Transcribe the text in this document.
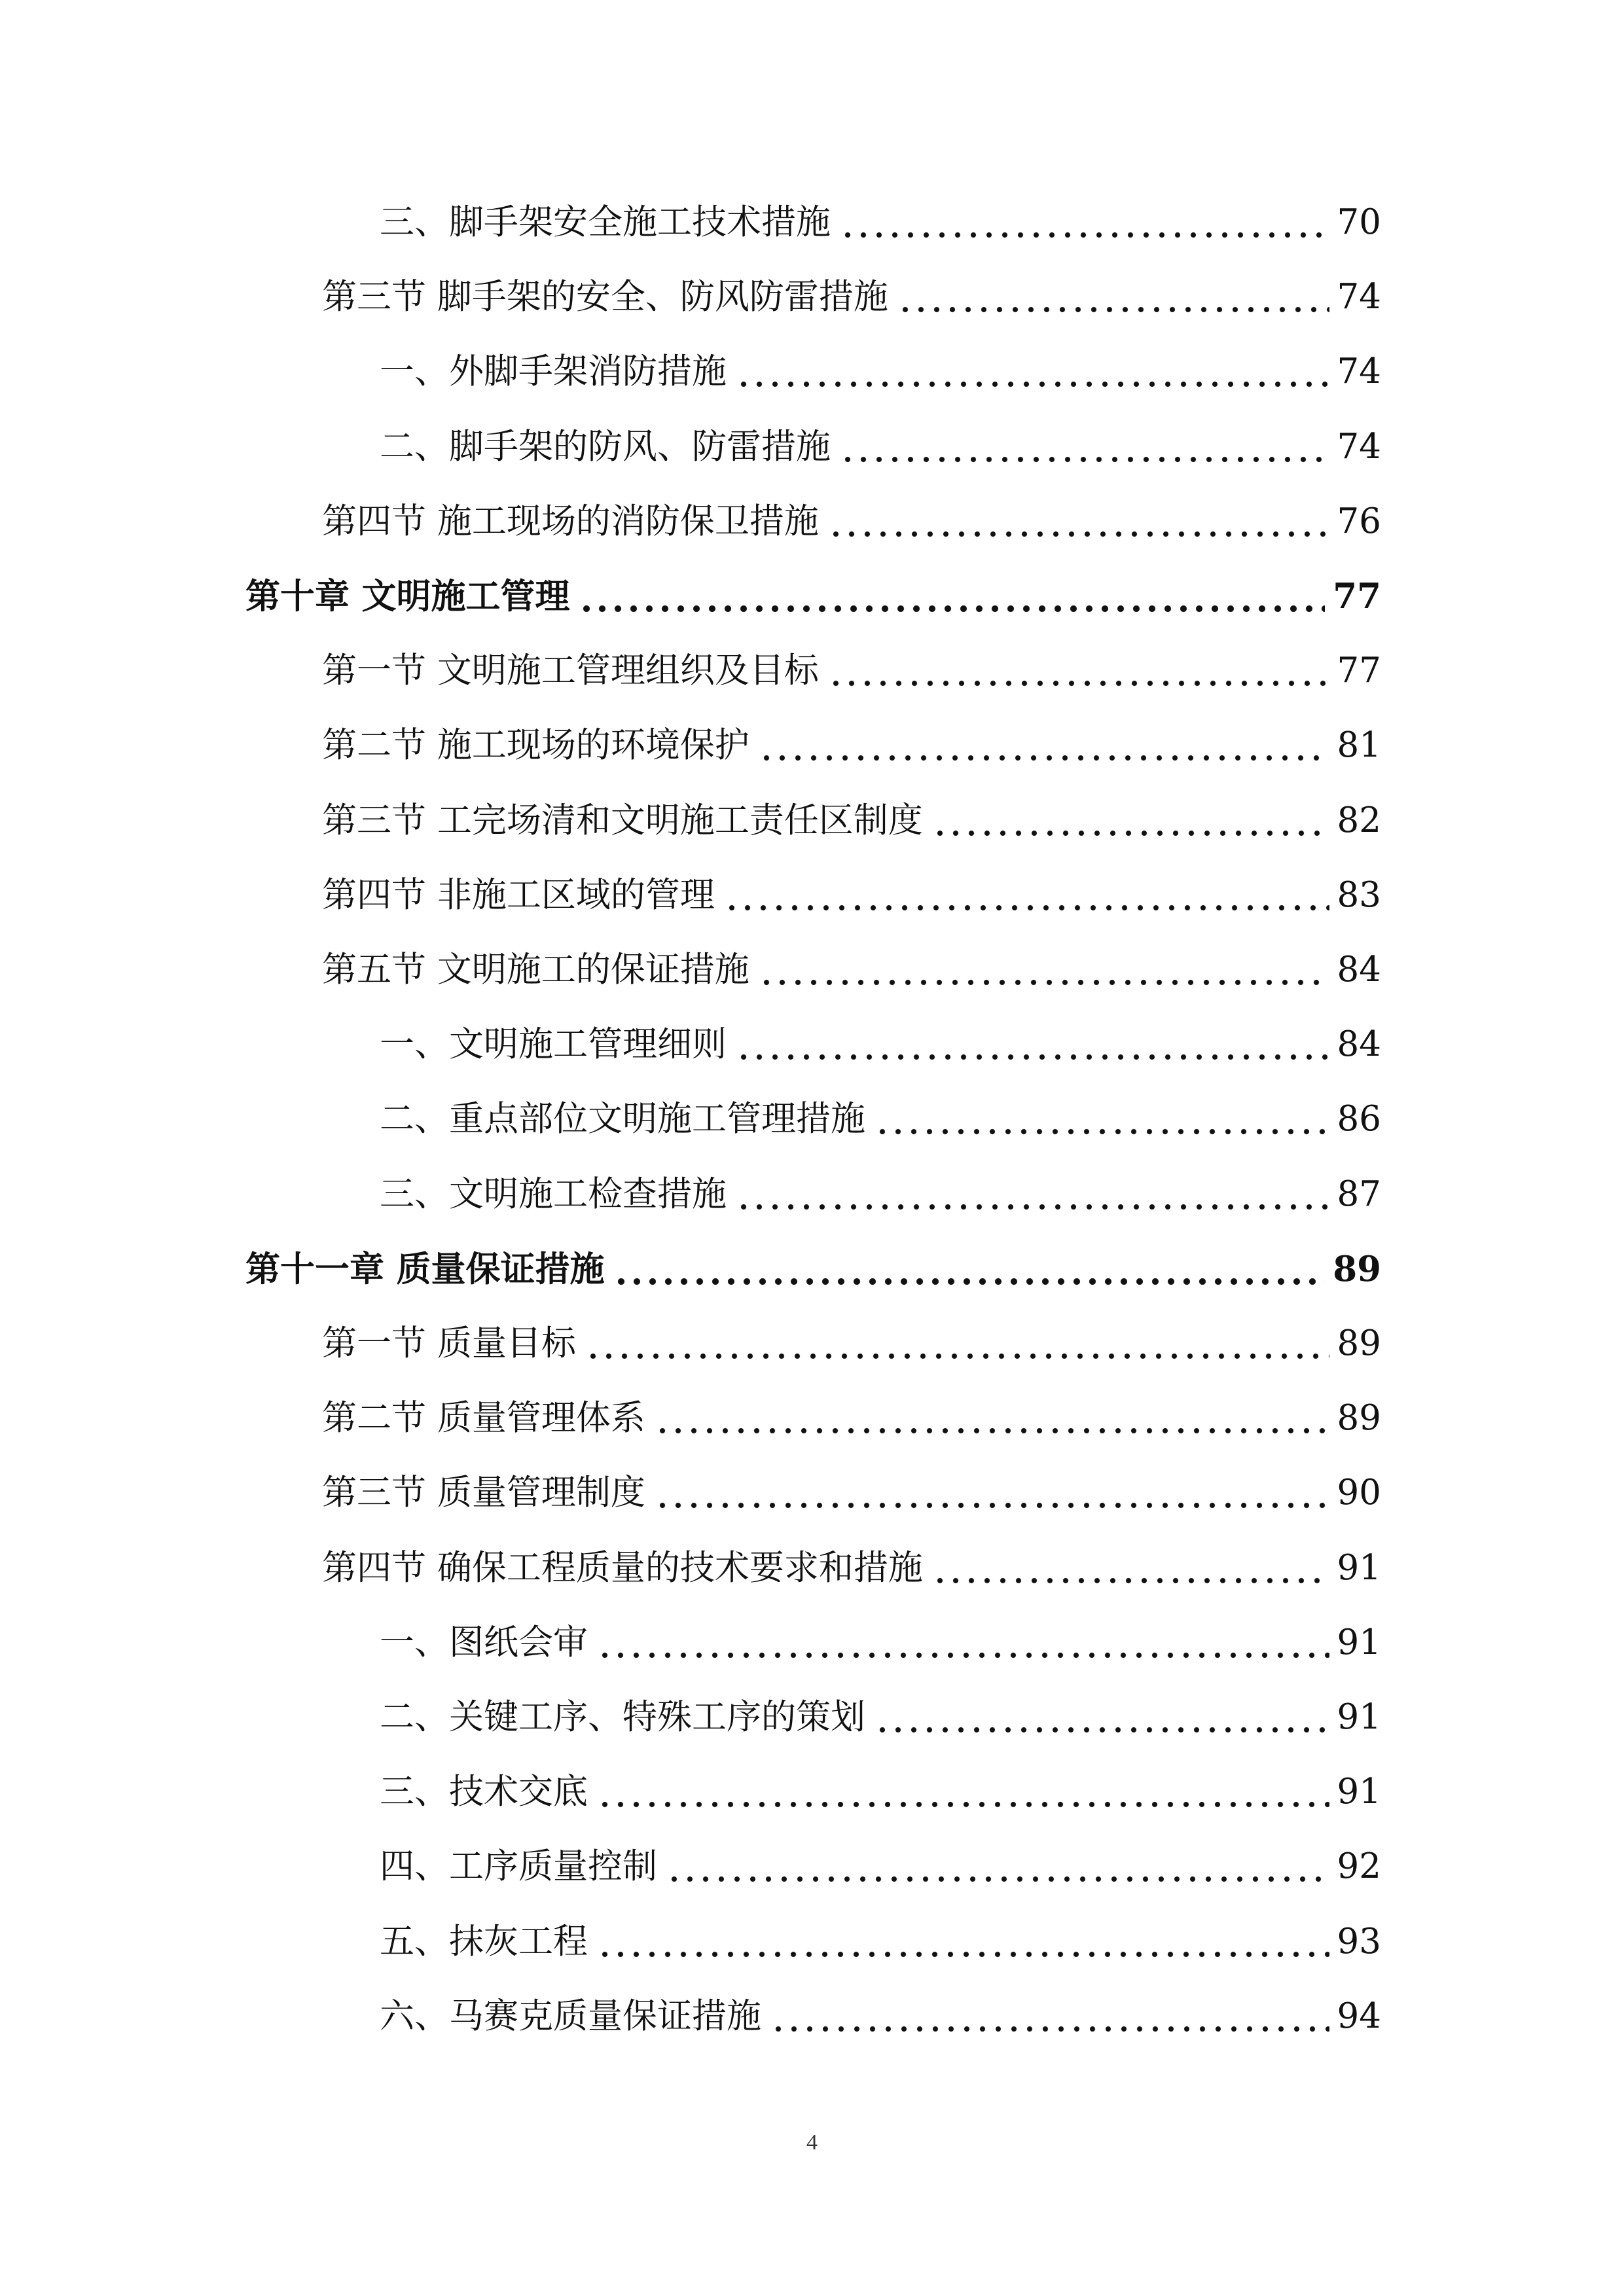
三、脚手架安全施工技术措施	70
第三节 脚手架的安全、防风防雷措施	74
一、外脚手架消防措施	74
二、脚手架的防风、防雷措施	74
第四节 施工现场的消防保卫措施	76
第十章 文明施工管理	77
第一节 文明施工管理组织及目标	77
第二节 施工现场的环境保护	81
第三节 工完场清和文明施工责任区制度	82
第四节 非施工区域的管理	83
第五节 文明施工的保证措施	84
一、文明施工管理细则	84
二、重点部位文明施工管理措施	86
三、文明施工检查措施	87
第十一章 质量保证措施	89
第一节 质量目标	89
第二节 质量管理体系	89
第三节 质量管理制度	90
第四节 确保工程质量的技术要求和措施	91
一、图纸会审	91
二、关键工序、特殊工序的策划	91
三、技术交底	91
四、工序质量控制	92
五、抹灰工程	93
六、马赛克质量保证措施	94
4
